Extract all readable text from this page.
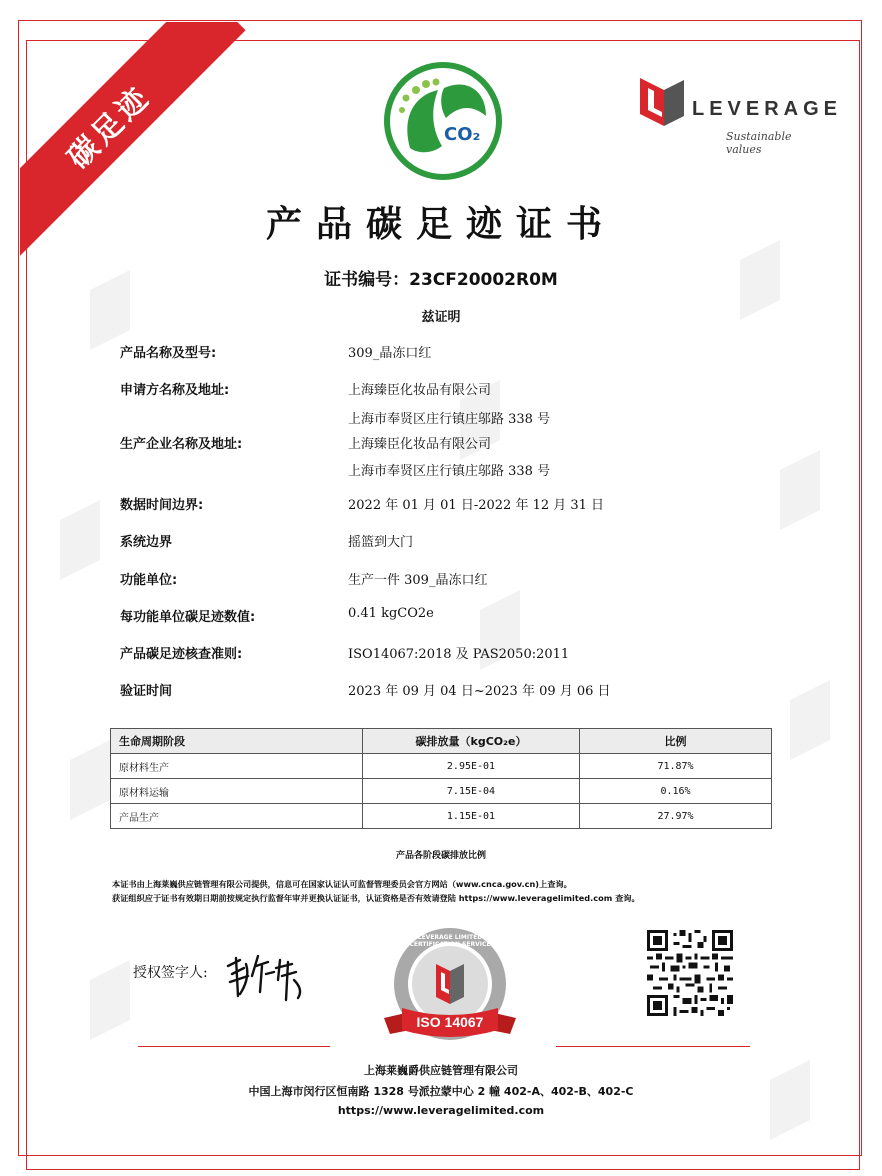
碳足迹	CO₂
LEVERAGE
Sustainable values
产品碳足迹证书
证书编号：23CF20002R0M
兹证明
产品名称及型号:	309_晶冻口红
申请方名称及地址:	上海臻臣化妆品有限公司
上海市奉贤区庄行镇庄邬路 338 号
生产企业名称及地址:	上海臻臣化妆品有限公司
上海市奉贤区庄行镇庄邬路 338 号
数据时间边界:	2022 年 01 月 01 日-2022 年 12 月 31 日
系统边界	摇篮到大门
功能单位:	生产一件 309_晶冻口红
每功能单位碳足迹数值:	0.41 kgCO2e
产品碳足迹核查准则:	ISO14067:2018 及 PAS2050:2011
验证时间	2023 年 09 月 04 日~2023 年 09 月 06 日
生命周期阶段	碳排放量（kgCO₂e）	比例
原材料生产	2.95E-01	71.87%
原材料运输	7.15E-04	0.16%
产品生产	1.15E-01	27.97%
产品各阶段碳排放比例
本证书由上海莱巍供应链管理有限公司提供，信息可在国家认证认可监督管理委员会官方网站（www.cnca.gov.cn)上查询。
获证组织应于证书有效期日期前按规定执行监督年审并更换认证证书，认证资格是否有效请登陆 https://www.leveragelimited.com 查询。
授权签字人:
LEVERAGE LIMITED CERTIFICATION SERVICE
ISO 14067
上海莱巍爵供应链管理有限公司
中国上海市闵行区恒南路 1328 号派拉蒙中心 2 幢 402-A、402-B、402-C
https://www.leveragelimited.com
